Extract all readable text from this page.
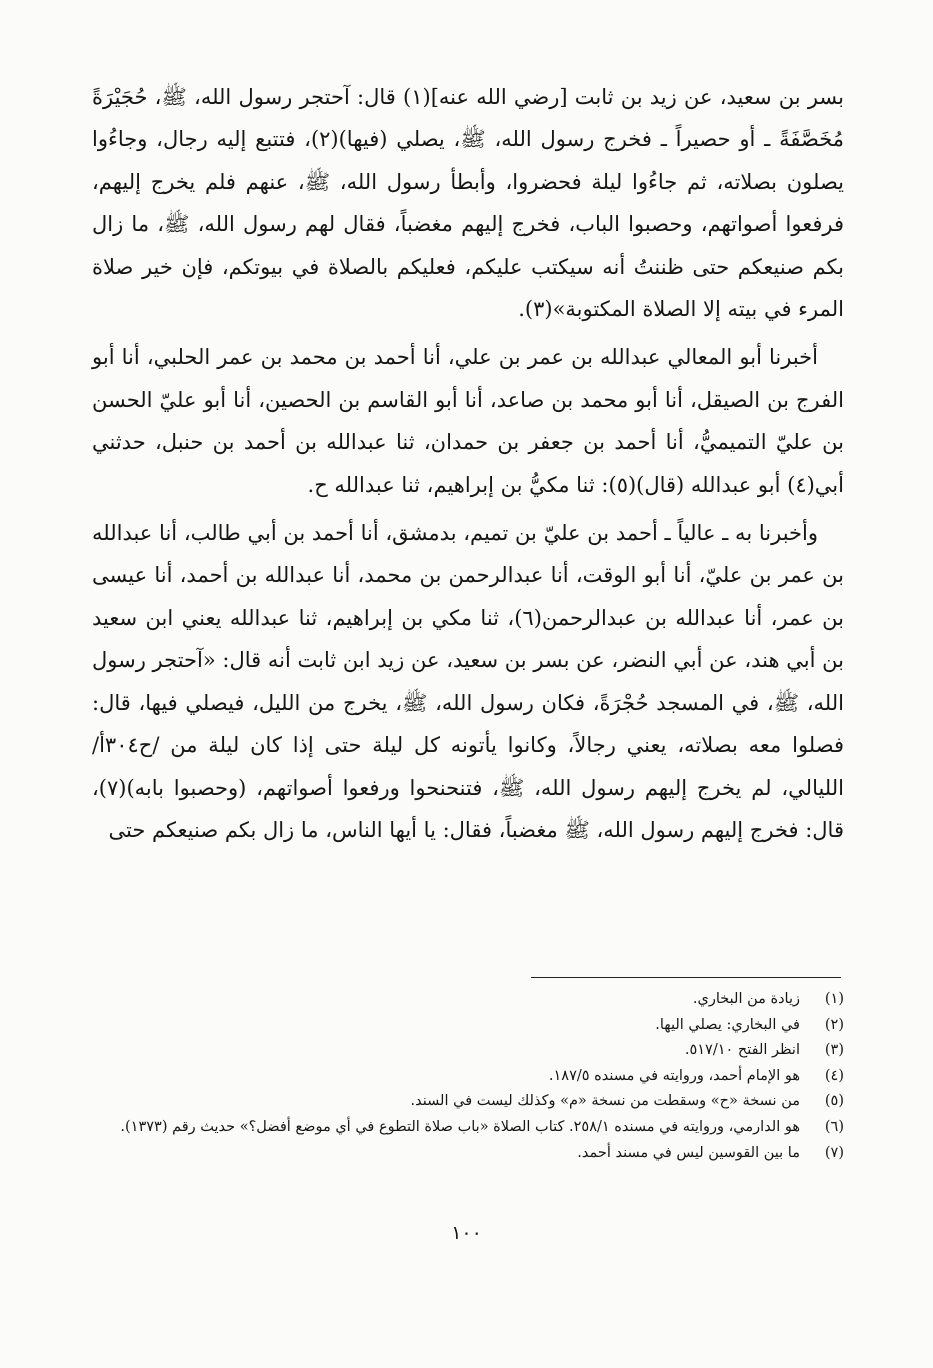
بسر بن سعيد، عن زيد بن ثابت [رضي الله عنه](١) قال: آحتجر رسول الله، ﷺ، حُجَيْرَةً مُخَصَّفَةً ـ أو حصيراً ـ فخرج رسول الله، ﷺ، يصلي (فيها)(٢)، فتتبع إليه رجال، وجاءُوا يصلون بصلاته، ثم جاءُوا ليلة فحضروا، وأبطأ رسول الله، ﷺ، عنهم فلم يخرج إليهم، فرفعوا أصواتهم، وحصبوا الباب، فخرج إليهم مغضباً، فقال لهم رسول الله، ﷺ، ما زال بكم صنيعكم حتى ظننتُ أنه سيكتب عليكم، فعليكم بالصلاة في بيوتكم، فإن خير صلاة المرء في بيته إلا الصلاة المكتوبة»(٣).

أخبرنا أبو المعالي عبدالله بن عمر بن علي، أنا أحمد بن محمد بن عمر الحلبي، أنا أبو الفرج بن الصيقل، أنا أبو محمد بن صاعد، أنا أبو القاسم بن الحصين، أنا أبو عليّ الحسن بن عليّ التميميُّ، أنا أحمد بن جعفر بن حمدان، ثنا عبدالله بن أحمد بن حنبل، حدثني أبي(٤) أبو عبدالله (قال)(٥): ثنا مكيُّ بن إبراهيم، ثنا عبدالله ح.

وأخبرنا به ـ عالياً ـ أحمد بن عليّ بن تميم، بدمشق، أنا أحمد بن أبي طالب، أنا عبدالله بن عمر بن عليّ، أنا أبو الوقت، أنا عبدالرحمن بن محمد، أنا عبدالله بن أحمد، أنا عيسى بن عمر، أنا عبدالله بن عبدالرحمن(٦)، ثنا مكي بن إبراهيم، ثنا عبدالله يعني ابن سعيد بن أبي هند، عن أبي النضر، عن بسر بن سعيد، عن زيد ابن ثابت أنه قال: «آحتجر رسول الله، ﷺ، في المسجد حُجْرَةً، فكان رسول الله، ﷺ، يخرج من الليل، فيصلي فيها، قال: فصلوا معه بصلاته، يعني رجالاً، وكانوا يأتونه كل ليلة حتى إذا كان ليلة من /ح٣٠٤أ/ الليالي، لم يخرج إليهم رسول الله، ﷺ، فتنحنحوا ورفعوا أصواتهم، (وحصبوا بابه)(٧)، قال: فخرج إليهم رسول الله، ﷺ مغضباً، فقال: يا أيها الناس، ما زال بكم صنيعكم حتى

(١)
زيادة من البخاري.
(٢)
في البخاري: يصلي اليها.
(٣)
انظر الفتح ٥١٧/١٠.
(٤)
هو الإمام أحمد، وروايته في مسنده ١٨٧/٥.
(٥)
من نسخة «ح» وسقطت من نسخة «م» وكذلك ليست في السند.
(٦)
هو الدارمي، وروايته في مسنده ٢٥٨/١. كتاب الصلاة «باب صلاة التطوع في أي موضع أفضل؟» حديث رقم (١٣٧٣).
(٧)
ما بين القوسين ليس في مسند أحمد.
١٠٠
